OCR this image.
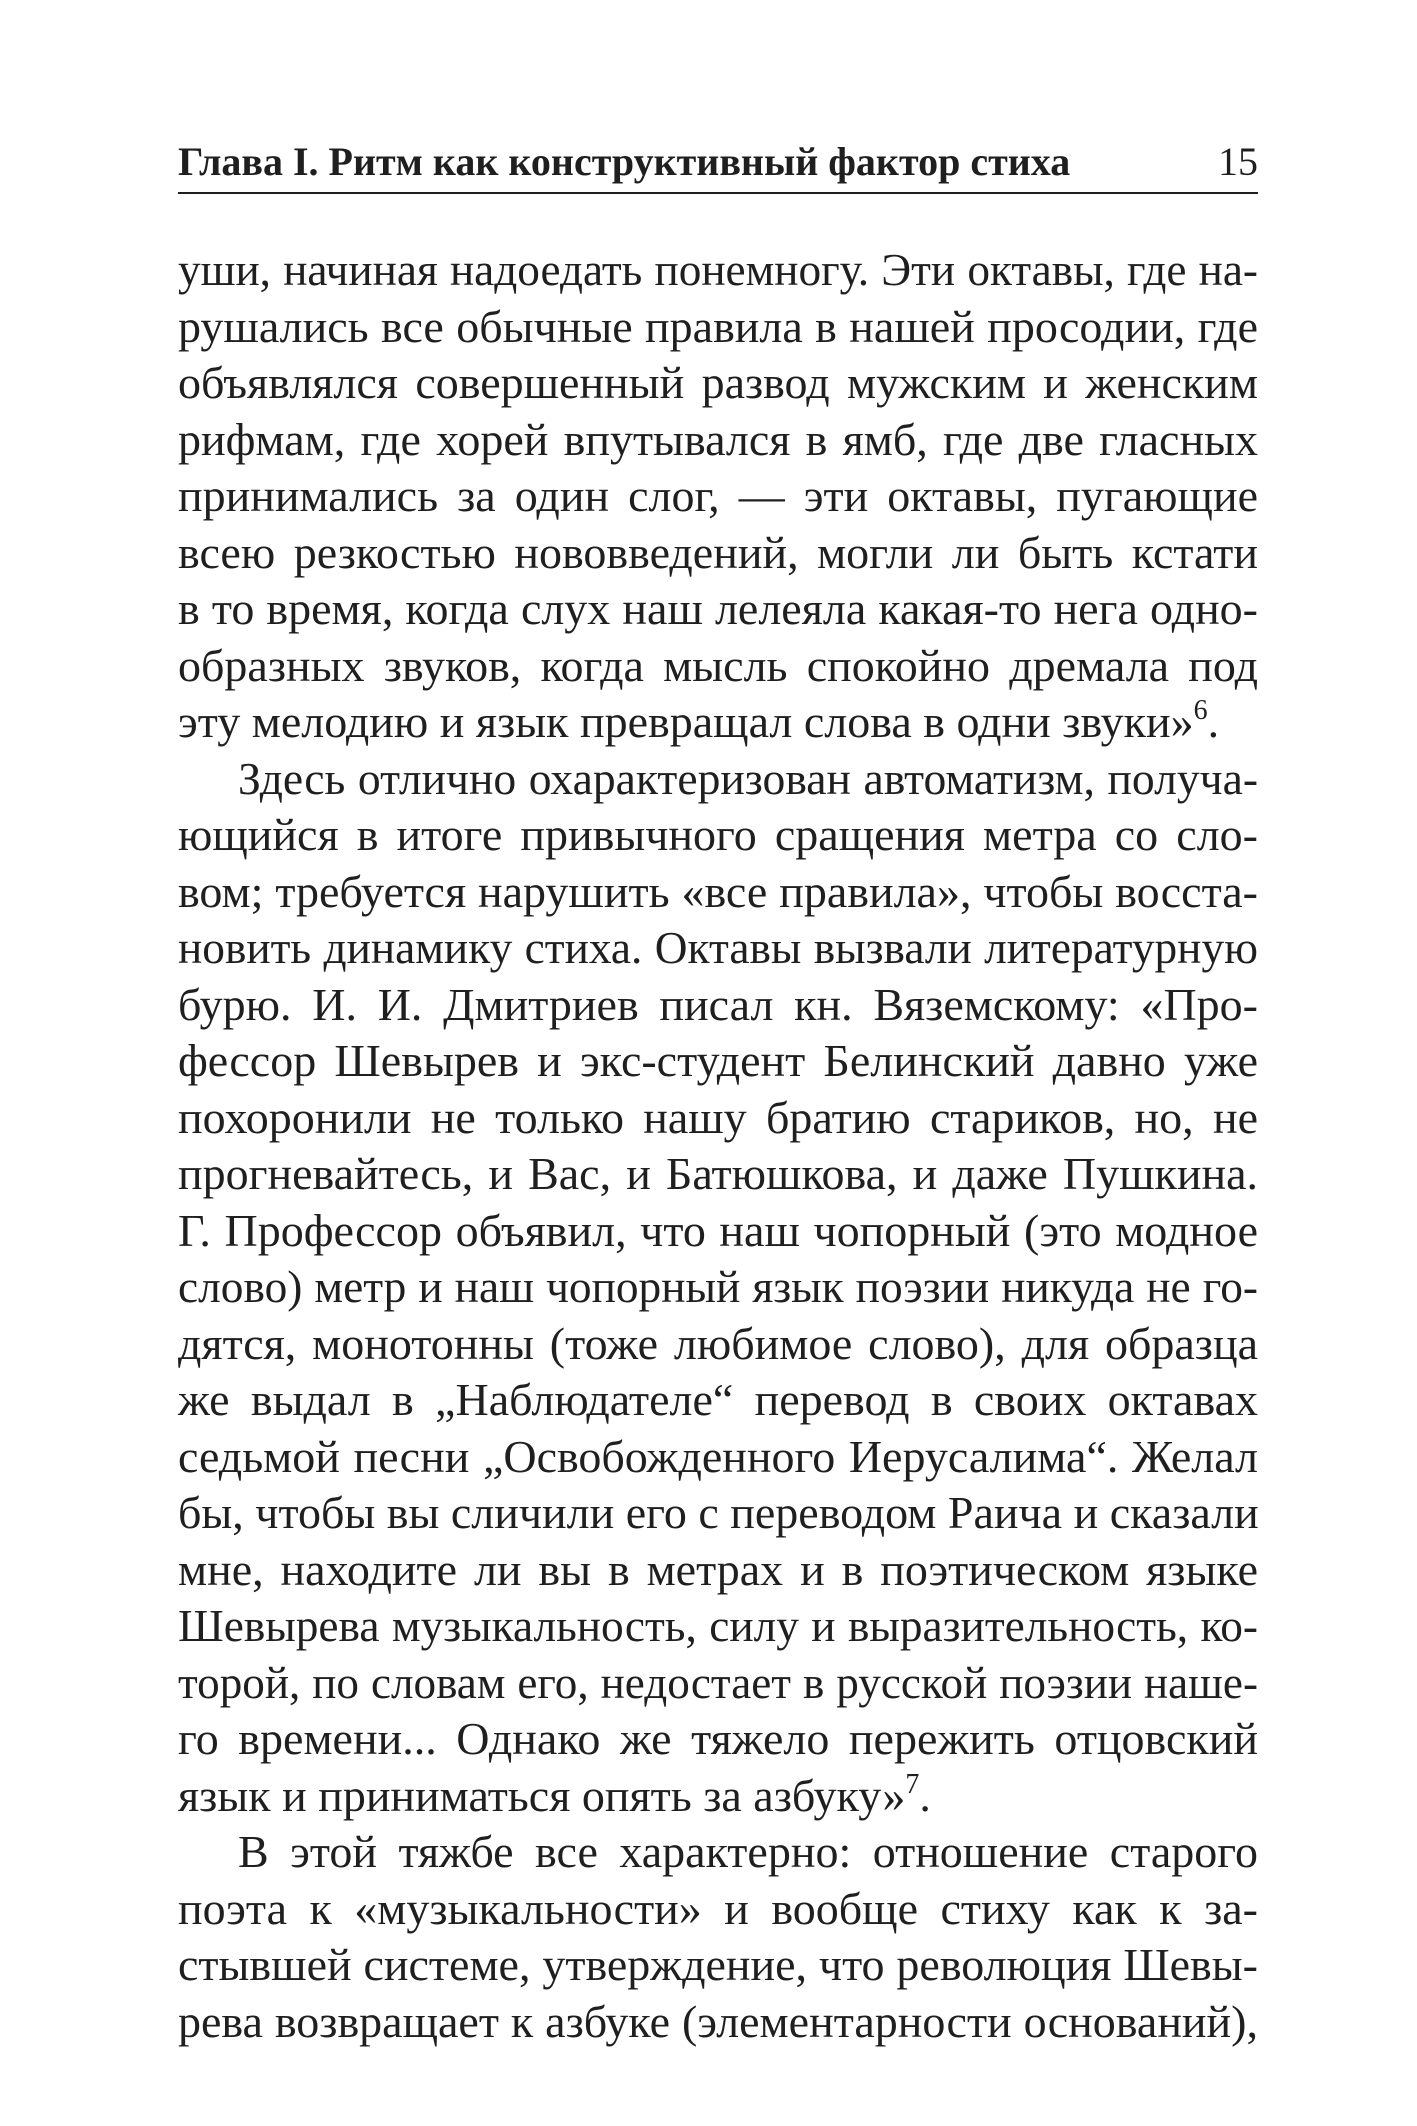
Глава I. Ритм как конструктивный фактор стиха	15

уши, начиная надоедать понемногу. Эти октавы, где на-
рушались все обычные правила в нашей просодии, где
объявлялся совершенный развод мужским и женским
рифмам, где хорей впутывался в ямб, где две гласных
принимались за один слог, — эти октавы, пугающие
всею резкостью нововведений, могли ли быть кстати
в то время, когда слух наш лелеяла какая-то нега одно-
образных звуков, когда мысль спокойно дремала под
эту мелодию и язык превращал слова в одни звуки»$^6$.

Здесь отлично охарактеризован автоматизм, получа-
ющийся в итоге привычного сращения метра со сло-
вом; требуется нарушить «все правила», чтобы восста-
новить динамику стиха. Октавы вызвали литературную
бурю. И. И. Дмитриев писал кн. Вяземскому: «Про-
фессор Шевырев и экс-студент Белинский давно уже
похоронили не только нашу братию стариков, но, не
прогневайтесь, и Вас, и Батюшкова, и даже Пушкина.
Г. Профессор объявил, что наш чопорный (это модное
слово) метр и наш чопорный язык поэзии никуда не го-
дятся, монотонны (тоже любимое слово), для образца
же выдал в „Наблюдателе“ перевод в своих октавах
седьмой песни „Освобожденного Иерусалима“. Желал
бы, чтобы вы сличили его с переводом Раича и сказали
мне, находите ли вы в метрах и в поэтическом языке
Шевырева музыкальность, силу и выразительность, ко-
торой, по словам его, недостает в русской поэзии наше-
го времени... Однако же тяжело пережить отцовский
язык и приниматься опять за азбуку»$^7$.

В этой тяжбе все характерно: отношение старого
поэта к «музыкальности» и вообще стиху как к за-
стывшей системе, утверждение, что революция Шевы-
рева возвращает к азбуке (элементарности оснований),
